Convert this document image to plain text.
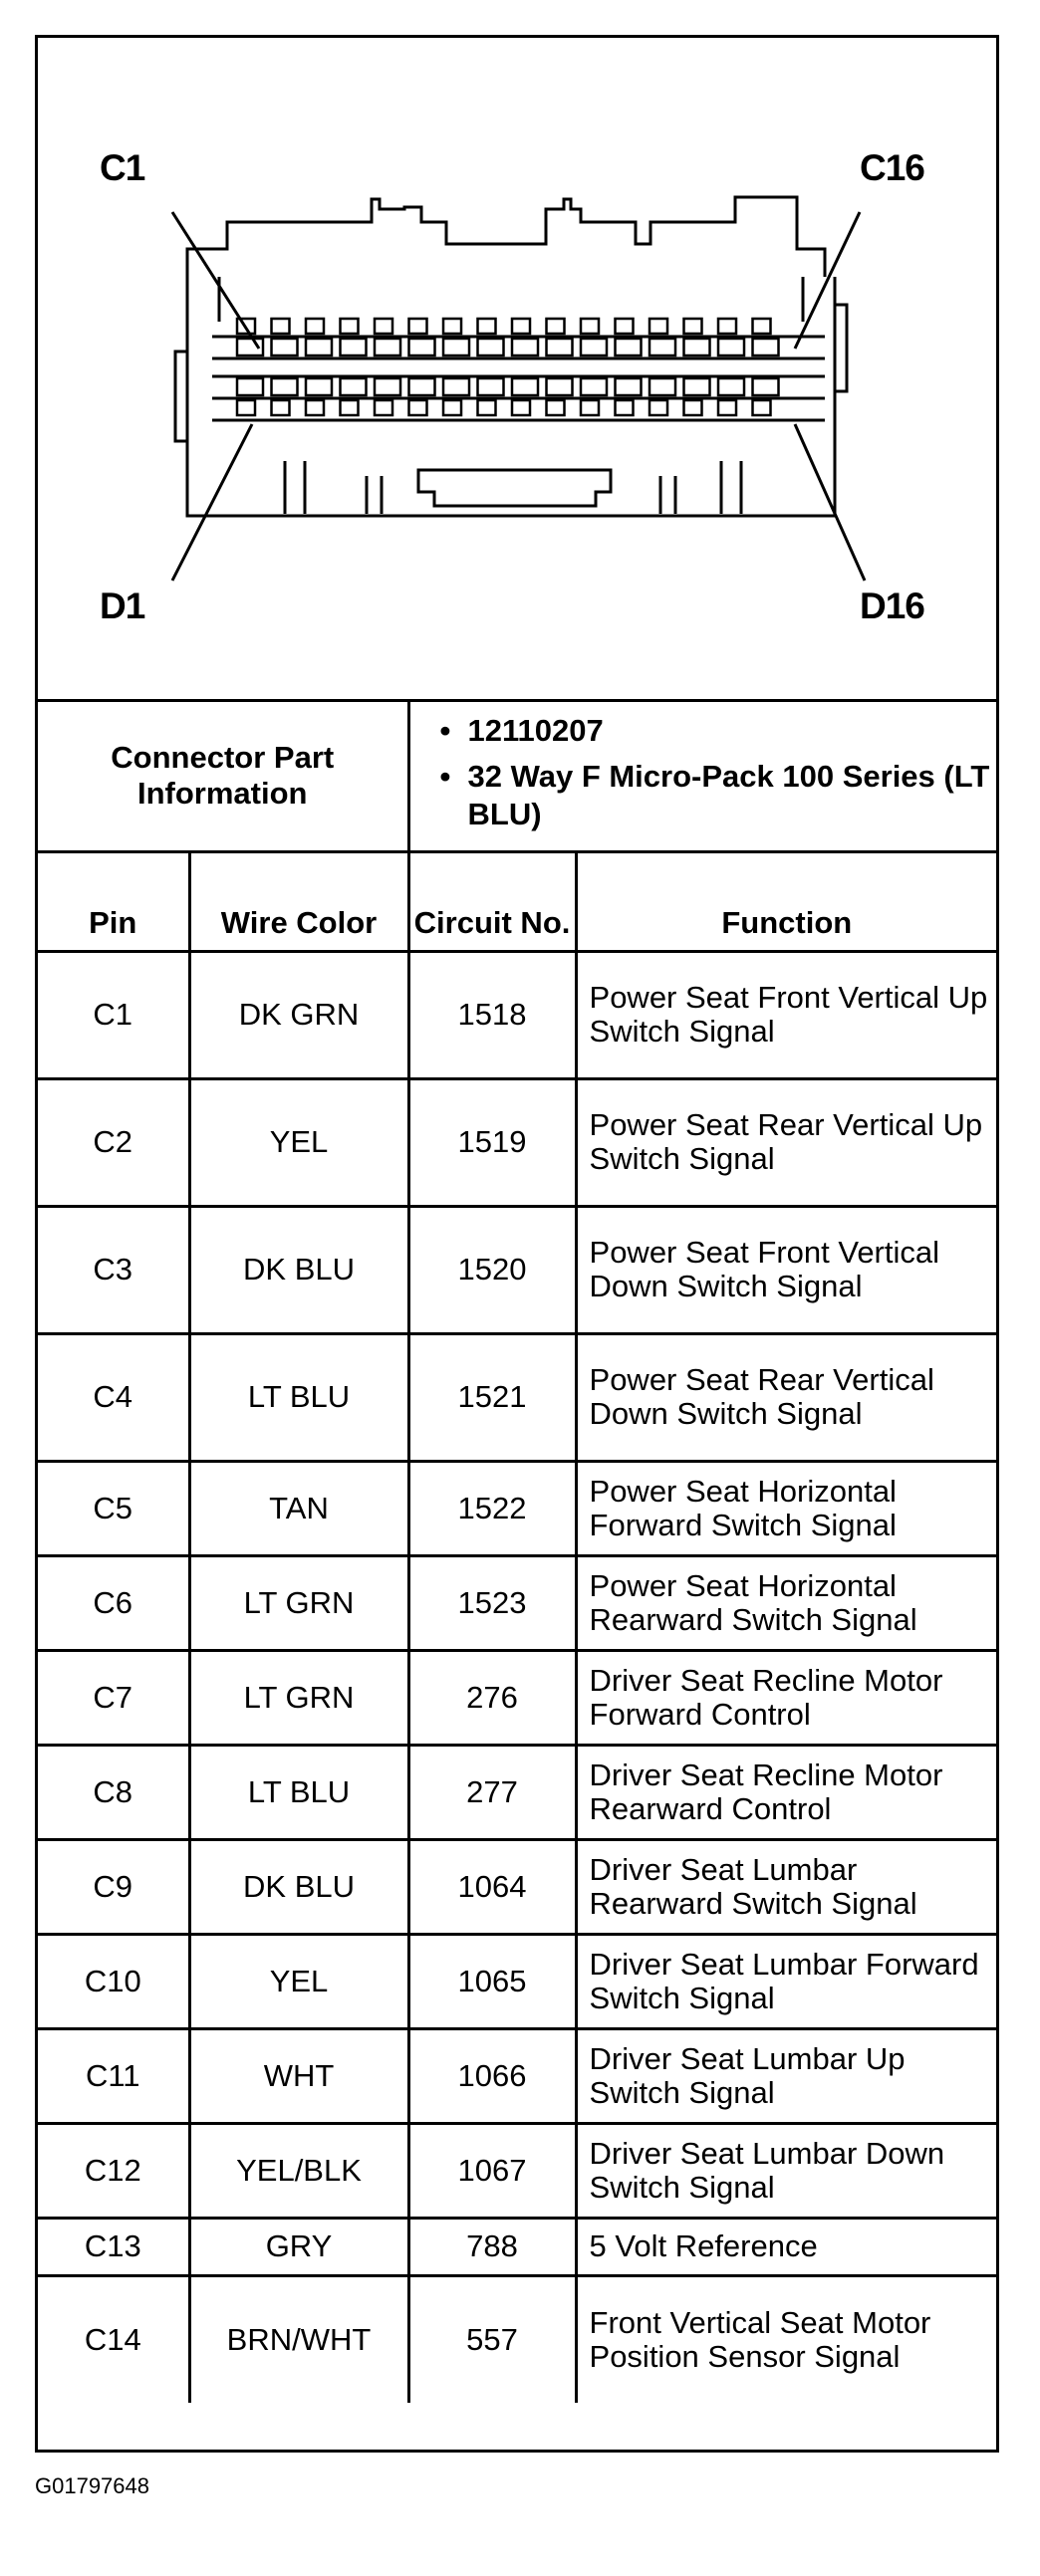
C1	C16
D1	D16
Connector Part Information		• 12110207
• 32 Way F Micro-Pack 100 Series (LT BLU)	

Pin	Wire Color	Circuit No.	Function
C1	DK GRN	1518	Power Seat Front Vertical Up Switch Signal
C2	YEL	1519	Power Seat Rear Vertical Up Switch Signal
C3	DK BLU	1520	Power Seat Front Vertical Down Switch Signal
C4	LT BLU	1521	Power Seat Rear Vertical Down Switch Signal
C5	TAN	1522	Power Seat Horizontal Forward Switch Signal
C6	LT GRN	1523	Power Seat Horizontal Rearward Switch Signal
C7	LT GRN	276	Driver Seat Recline Motor Forward Control
C8	LT BLU	277	Driver Seat Recline Motor Rearward Control
C9	DK BLU	1064	Driver Seat Lumbar Rearward Switch Signal
C10	YEL	1065	Driver Seat Lumbar Forward Switch Signal
C11	WHT	1066	Driver Seat Lumbar Up Switch Signal
C12	YEL/BLK	1067	Driver Seat Lumbar Down Switch Signal
C13	GRY	788	5 Volt Reference
C14	BRN/WHT	557	Front Vertical Seat Motor Position Sensor Signal
G01797648
